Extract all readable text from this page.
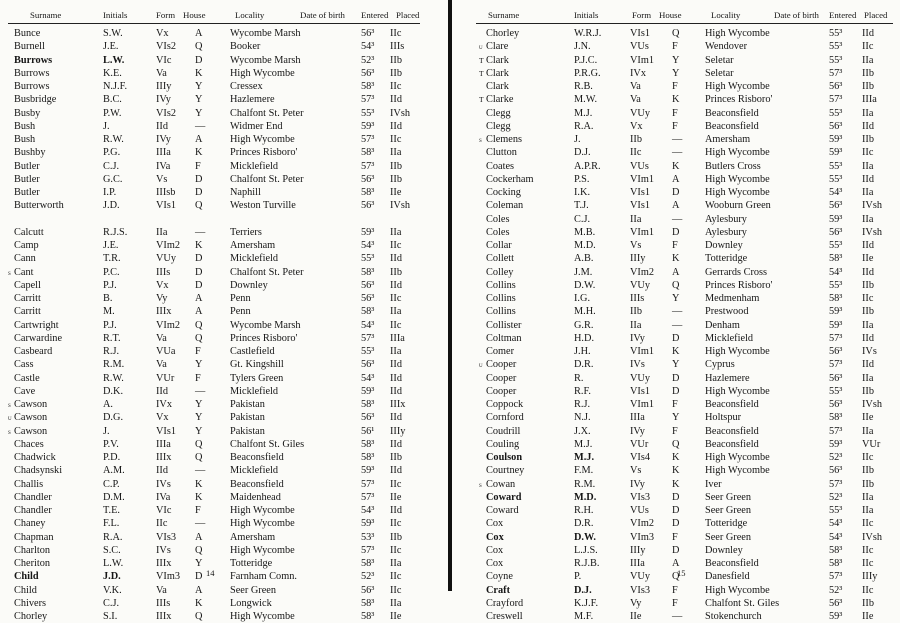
Surname	Initials	Form House	Locality	Date of birth Entered Placed
Bunce	S.W.	Vx	A	Wycombe Marsh	56³ IIc
Burnell	J.E.	VIs2 Q	Booker	54³ IIIs
Burrows	L.W.	VIc D	Wycombe Marsh	52³ IIb
Burrows	K.E.	Va	K	High Wycombe	56³ IIb
Burrows	N.J.F.	IIIy Y	Cressex	58³ IIc
Busbridge	B.C.	IVy Y	Hazlemere	57³ IId
Busby	P.W.	VIs2 Y	Chalfont St. Peter	55³ IVsh
Bush	J.	IId	— Widmer End	59³ IId
Bush	R.W.	IVy A	High Wycombe	57³ IIc
Bushby	P.G.	IIIa K	Princes Risboro'	58³ IIa
Butler	C.J.	IVa F	Micklefield	57³ IIb
Butler	G.C.	Vs	D	Chalfont St. Peter	56³ IIb
Butler	I.P.	IIIsb D	Naphill	58³ IIe
Butterworth	J.D.	VIs1 Q	Weston Turville	56³ IVsh
Calcutt	R.J.S.	IIa	— Terriers	59³ IIa
Camp	J.E.	VIm2 K	Amersham	54³ IIc
Cann	T.R.	VUy D	Micklefield	55³ IId
s Cant	P.C.	IIIs D	Chalfont St. Peter	58³ IIb
Capell	P.J.	Vx	D	Downley	56³ IId
Carritt	B.	Vy	A	Penn	56³ IIc
Carritt	M.	IIIx A	Penn	58³ IIa
Cartwright	P.J.	VIm2 Q	Wycombe Marsh	54³ IIc
Carwardine	R.T.	Va	Q	Princes Risboro'	57³ IIIa
Casbeard	R.J.	VUa F	Castlefield	55³ IIa
Cass	R.M.	Va	Y	Gt. Kingshill	56³ IId
Castle	R.W.	VUr F	Tylers Green	54³ IId
Cave	D.K.	IId	— Micklefield	59³ IId
s Cawson	A.	IVx Y	Pakistan	58³ IIIx
u Cawson	D.G.	Vx	Y	Pakistan	56³ IId
s Cawson	J.	VIs1 Y	Pakistan	56¹ IIIy
Chaces	P.V.	IIIa Q	Chalfont St. Giles	58³ IId
Chadwick	P.D.	IIIx Q	Beaconsfield	58³ IIb
Chadsynski	A.M.	IId	— Micklefield	59³ IId
Challis	C.P.	IVs K	Beaconsfield	57³ IIc
Chandler	D.M.	IVa K	Maidenhead	57³ IIe
Chandler	T.E.	VIc F	High Wycombe	54³ IId
Chaney	F.L.	IIc	— High Wycombe	59³ IIc
Chapman	R.A.	VIs3 A	Amersham	53³ IIb
Charlton	S.C.	IVs Q	High Wycombe	57³ IIc
Cheriton	L.W.	IIIx Y	Totteridge	58³ IIa
Child	J.D.	VIm3 D	Farnham Comn.	52³ IIc
Child	V.K.	Va	A	Seer Green	56³ IIc
Chivers	C.J.	IIIs K	Longwick	58³ IIa
Chorley	S.I.	IIIx Q	High Wycombe	58³ IIe
14
Surname	Initials	Form House	Locality	Date of birth Entered Placed
Chorley	W.R.J.	VIs1 Q High Wycombe	55³ IId
u Clare	J.N.	VUs F	Wendover	55³ IIc
T Clark	P.J.C.	VIm1 Y Seletar	55³ IIa
T Clark	P.R.G.	IVx	Y Seletar	57³ IIb
Clark	R.B.	Va	F	High Wycombe	56³ IIb
T Clarke	M.W.	Va	K Princes Risboro'	57³ IIIa
Clegg	M.J.	VUy F	Beaconsfield	55³ IIa
Clegg	R.A.	Vx	F	Beaconsfield	56³ IId
s Clemens	J.	IIb	— Amersham	59³ IIb
Clutton	D.J.	IIc	— High Wycombe	59³ IIc
Coates	A.P.R.	VUs K Butlers Cross	55³ IIa
Cockerham	P.S.	VIm1 A High Wycombe	55³ IId
Cocking	I.K.	VIs1 D High Wycombe	54³ IIa
Coleman	T.J.	VIs1 A Wooburn Green	56³ IVsh
Coles	C.J.	IIa	— Aylesbury	59³ IIa
Coles	M.B.	VIm1 D Aylesbury	56³ IVsh
Collar	M.D.	Vs	F	Downley	55³ IId
Collett	A.B.	IIIy	K Totteridge	58³ IIe
Colley	J.M.	VIm2 A Gerrards Cross	54³ IId
Collins	D.W.	VUy Q Princes Risboro'	55³ IIb
Collins	I.G.	IIIs	Y Medmenham	58³ IIc
Collins	M.H.	IIb	— Prestwood	59³ IIb
Collister	G.R.	IIa	— Denham	59³ IIa
Coltman	H.D.	IVy	D Micklefield	57³ IId
Comer	J.H.	VIm1 K High Wycombe	56³ IVs
u Cooper	D.R.	IVs	Y Cyprus	57³ IId
Cooper	R.	VUy D Hazlemere	56³ IIa
Cooper	R.F.	VIs1 D High Wycombe	55³ IIb
Coppock	R.J.	VIm1 F	Beaconsfield	56³ IVsh
Cornford	N.J.	IIIa	Y Holtspur	58³ IIe
Coudrill	J.X.	IVy	F	Beaconsfield	57³ IIa
Couling	M.J.	VUr Q Beaconsfield	59³ VUr
Coulson	M.J.	VIs4 K High Wycombe	52³ IIc
Courtney	F.M.	Vs	K High Wycombe	56³ IIb
s Cowan	R.M.	IVy	K Iver	57³ IIb
Coward	M.D.	VIs3 D Seer Green	52³ IIa
Coward	R.H.	VUs D Seer Green	55³ IIa
Cox	D.R.	VIm2 D Totteridge	54³ IIc
Cox	D.W.	VIm3 F	Seer Green	54³ IVsh
Cox	L.J.S.	IIIy	D Downley	58³ IIc
Cox	R.J.B.	IIIa	A Beaconsfield	58³ IIc
Coyne	P.	VUy Q Danesfield	57³ IIIy
Craft	D.J.	VIs3 F	High Wycombe	52³ IIc
Crayford	K.J.F.	Vy	F	Chalfont St. Giles	56³ IIb
Creswell	M.F.	IIe	— Stokenchurch	59³ IIe
15
